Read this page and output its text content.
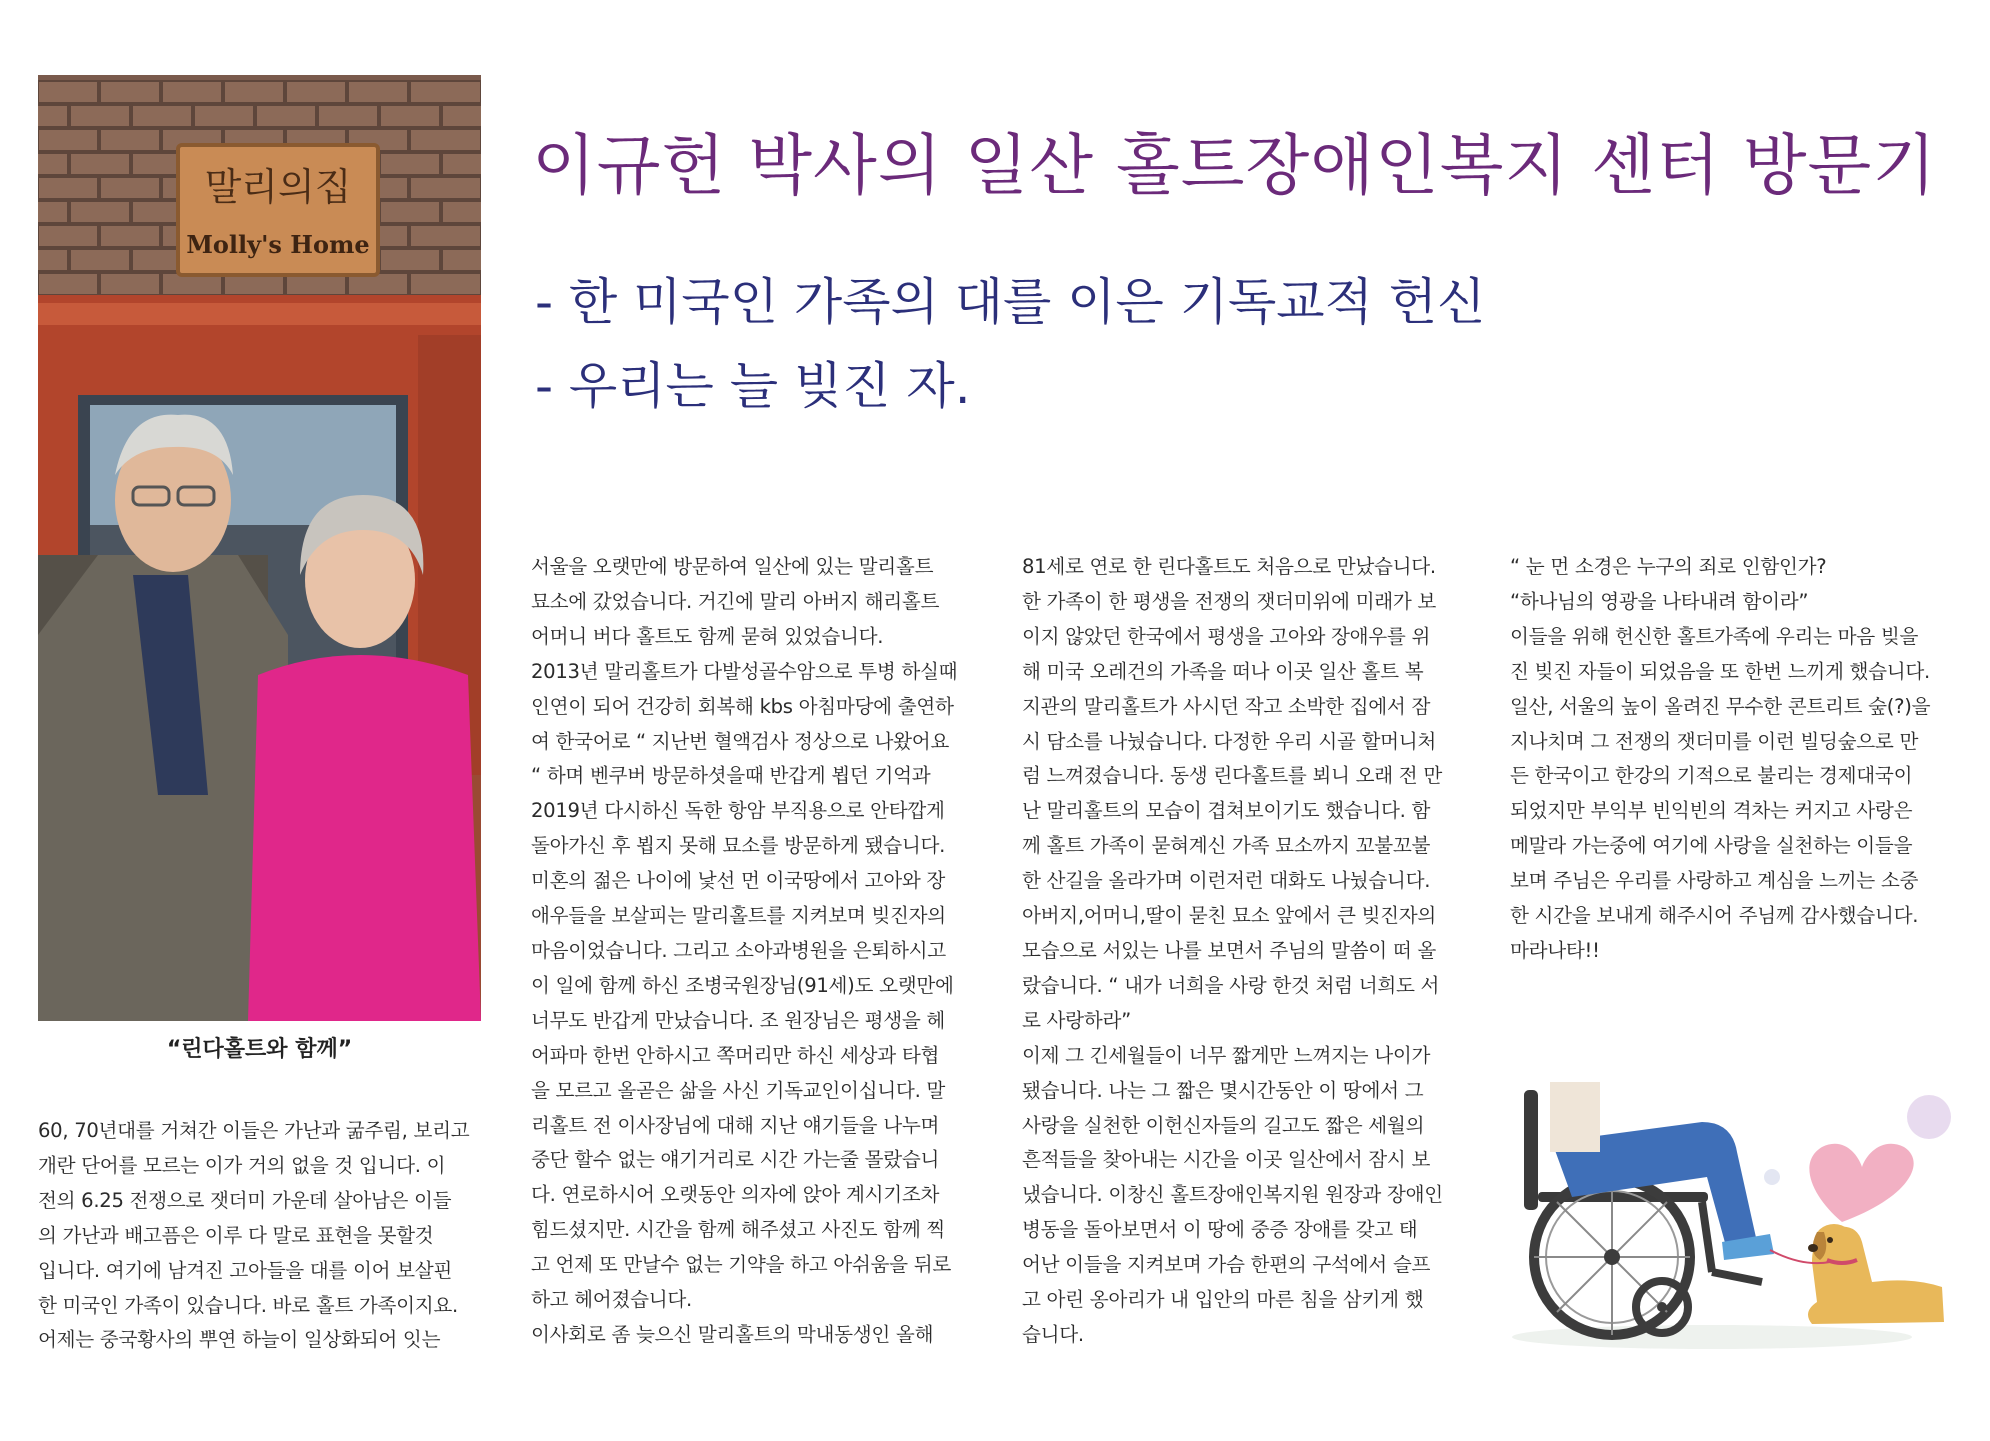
말리의집
Molly's Home
“린다홀트와 함께”
이규헌 박사의 일산 홀트장애인복지 센터 방문기
- 한 미국인 가족의 대를 이은 기독교적 헌신
- 우리는 늘 빚진 자.

60, 70년대를 거쳐간 이들은 가난과 굶주림, 보리고

개란 단어를 모르는 이가 거의 없을 것 입니다. 이

전의 6.25 전쟁으로 잿더미 가운데 살아남은 이들

의 가난과 배고픔은 이루 다 말로 표현을 못할것

입니다. 여기에 남겨진 고아들을 대를 이어 보살핀

한 미국인 가족이 있습니다. 바로 홀트 가족이지요.

어제는 중국황사의 뿌연 하늘이 일상화되어 잇는

서울을 오랫만에 방문하여 일산에 있는 말리홀트

묘소에 갔었습니다. 거긴에 말리 아버지 해리홀트

어머니 버다 홀트도 함께 묻혀 있었습니다.

2013년 말리홀트가 다발성골수암으로 투병 하실때

인연이 되어 건강히 회복해 kbs 아침마당에 출연하

여 한국어로 “ 지난번 혈액검사 정상으로 나왔어요

“ 하며 벤쿠버 방문하셧을때 반갑게 뵙던 기억과

2019년 다시하신 독한 항암 부직용으로 안타깝게

돌아가신 후 뵙지 못해 묘소를 방문하게 됐습니다.

미혼의 젊은 나이에 낯선 먼 이국땅에서 고아와 장

애우들을 보살피는 말리홀트를 지켜보며 빚진자의

마음이었습니다. 그리고 소아과병원을 은퇴하시고

이 일에 함께 하신 조병국원장님(91세)도 오랫만에

너무도 반갑게 만났습니다. 조 원장님은 평생을 헤

어파마 한번 안하시고 쪽머리만 하신 세상과 타협

을 모르고 올곧은 삶을 사신 기독교인이십니다. 말

리홀트 전 이사장님에 대해 지난 얘기들을 나누며

중단 할수 없는 얘기거리로 시간 가는줄 몰랐습니

다. 연로하시어 오랫동안 의자에 앉아 계시기조차

힘드셨지만. 시간을 함께 해주셨고 사진도 함께 찍

고 언제 또 만날수 없는 기약을 하고 아쉬움을 뒤로

하고 헤어졌습니다.

이사회로 좀 늦으신 말리홀트의 막내동생인 올해

81세로 연로 한 린다홀트도 처음으로 만났습니다.

한 가족이 한 평생을 전쟁의 잿더미위에 미래가 보

이지 않았던 한국에서 평생을 고아와 장애우를 위

해 미국 오레건의 가족을 떠나 이곳 일산 홀트 복

지관의 말리홀트가 사시던 작고 소박한 집에서 잠

시 담소를 나눴습니다. 다정한 우리 시골 할머니처

럼 느껴졌습니다. 동생 린다홀트를 뵈니 오래 전 만

난 말리홀트의 모습이 겹쳐보이기도 했습니다. 함

께 홀트 가족이 묻혀계신 가족 묘소까지 꼬불꼬불

한 산길을 올라가며 이런저런 대화도 나눴습니다.

아버지,어머니,딸이 묻친 묘소 앞에서 큰 빚진자의

모습으로 서있는 나를 보면서 주님의 말씀이 떠 올

랐습니다. “ 내가 너희을 사랑 한것 처럼 너희도 서

로 사랑하라”

이제 그 긴세월들이 너무 짧게만 느껴지는 나이가

됐습니다. 나는 그 짧은 몇시간동안 이 땅에서 그

사랑을 실천한 이헌신자들의 길고도 짧은 세월의

흔적들을 찾아내는 시간을 이곳 일산에서 잠시 보

냈습니다. 이창신 홀트장애인복지원 원장과 장애인

병동을 돌아보면서 이 땅에 중증 장애를 갖고 태

어난 이들을 지켜보며 가슴 한편의 구석에서 슬프

고 아린 옹아리가 내 입안의 마른 침을 삼키게 했

습니다.

“ 눈 먼 소경은 누구의 죄로 인함인가?

“하나님의 영광을 나타내려 함이라”

이들을 위해 헌신한 홀트가족에 우리는 마음 빚을

진 빚진 자들이 되었음을 또 한번 느끼게 했습니다.

일산, 서울의 높이 올려진 무수한 콘트리트 숲(?)을

지나치며 그 전쟁의 잿더미를 이런 빌딩숲으로 만

든 한국이고 한강의 기적으로 불리는 경제대국이

되었지만 부익부 빈익빈의 격차는 커지고 사랑은

메말라 가는중에 여기에 사랑을 실천하는 이들을

보며 주님은 우리를 사랑하고 계심을 느끼는 소중

한 시간을 보내게 해주시어 주님께 감사했습니다.

마라나타!!
